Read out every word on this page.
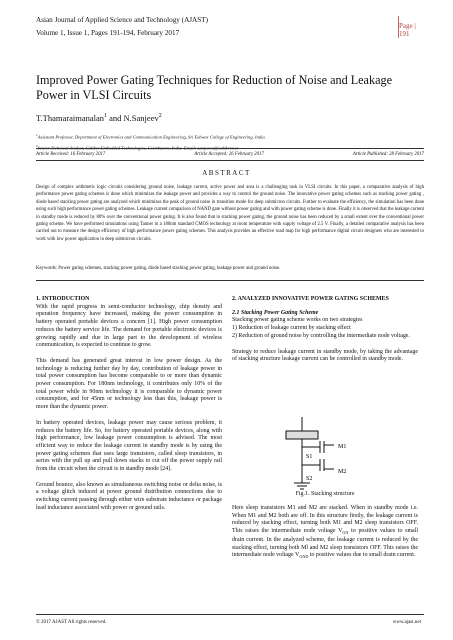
Asian Journal of Applied Science and Technology (AJAST)
Volume 1, Issue 1, Pages 191-194, February 2017
Page | 191
Improved Power Gating Techniques for Reduction of Noise and Leakage Power in VLSI Circuits
T.Thamaraimanalan$^1$ and N.Sanjeev$^2$
$^1$Assistant Professor, Department of Electronics and Communication Engineering, Sri Eshwar College of Engineering, India.
$^2$Senior Technical Analyst, Caliber Embedded Technologies, Coimbatore, India. Email: sanjeev.n@caliber.net
Article Received: 16 February 2017	Article Accepted: 26 February 2017	Article Published: 28 February 2017
ABSTRACT
Design of complex arithmetic logic circuits considering ground noise, leakage current, active power and area is a challenging task in VLSI circuits. In this paper, a comparative analysis of high performance power gating schemes is done which minimizes the leakage power and provides a way to control the ground noise. The innovative power gating schemes such as stacking power gating , diode based stacking power gating are analyzed which minimizes the peak of ground noise in transition mode for deep submicron circuits. Further to evaluate the efficiency, the simulation has been done using such high performance power gating schemes. Leakage current comparison of NAND gate without power gating and with power gating scheme is done. Finally it is observed that the leakage current in standby mode is reduced by 80% over the conventional power gating. It is also found that in stacking power gating, the ground noise has been reduced by a small extent over the conventional power gating scheme. We have performed simulations using Tanner in a 180nm standard CMOS technology at room temperature with supply voltage of 2.5 V. Finally, a detailed comparative analysis has been carried out to measure the design efficiency of high performance power gating schemes. This analysis provides an effective road map for high performance digital circuit designers who are interested to work with low power application in deep submicron circuits.
Keywords: Power gating schemes, stacking power gating, diode based stacking power gating, leakage power and ground noise.

1. INTRODUCTION

With the rapid progress in semi-conductor technology, chip density and operation frequency have increased, making the power consumption in battery operated portable devices a concern [1]. High power consumption reduces the battery service life. The demand for portable electronic devices is growing rapidly and due in large part to the development of wireless communication, is expected to continue to grow.

This demand has generated great interest in low power design. As the technology is reducing further day by day, contribution of leakage power in total power consumption has become comparable to or more than dynamic power consumption. For 180nm technology, it contributes only 10% of the total power while in 90nm technology it is comparable to dynamic power consumption, and for 45nm or technology less than this, leakage power is more than the dynamic power.

In battery operated devices, leakage power may cause serious problem, it reduces the battery life. So, for battery operated portable devices, along with high performance, low leakage power consumption is advised. The most efficient way to reduce the leakage current in standby mode is by using the power gating schemes that uses large transistors, called sleep transistors, in series with the pull up and pull down stacks to cut off the power supply rail from the circuit when the circuit is in standby mode [24].

Ground bounce, also known as simultaneous switching noise or delta noise, is a voltage glitch induced at power ground distribution connections due to switching current passing through either wire substrate inductance or package lead inductance associated with power or ground rails.

2. ANALYZED INNOVATIVE POWER GATING SCHEMES

2.1 Stacking Power Gating Scheme

Stacking power gating scheme works on two strategies

1) Reduction of leakage current by stacking effect

2) Reduction of ground noise by controlling the intermediate node voltage.

Strategy to reduce leakage current in standby mode, by taking the advantage of stacking structure leakage current can be controlled in standby mode.

M1
S1
M2
S2
Fig.1. Stacking structure

Here sleep transistors M1 and M2 are stacked. When in standby mode i.e. When M1 and M2 both are off. In this structure firstly, the leakage current is reduced by stacking effect, turning both M1 and M2 sleep transistors OFF. This raises the intermediate node voltage $V_{GN}$ to positive values to small drain current. In the analyzed scheme, the leakage current is reduced by the stacking effect, turning both Ml and M2 sleep transistors OFF. This raises the intermediate node voltage $V_{GND}$ to positive values due to small drain current.

© 2017 AJAST All rights reserved.	www.ajast.net
